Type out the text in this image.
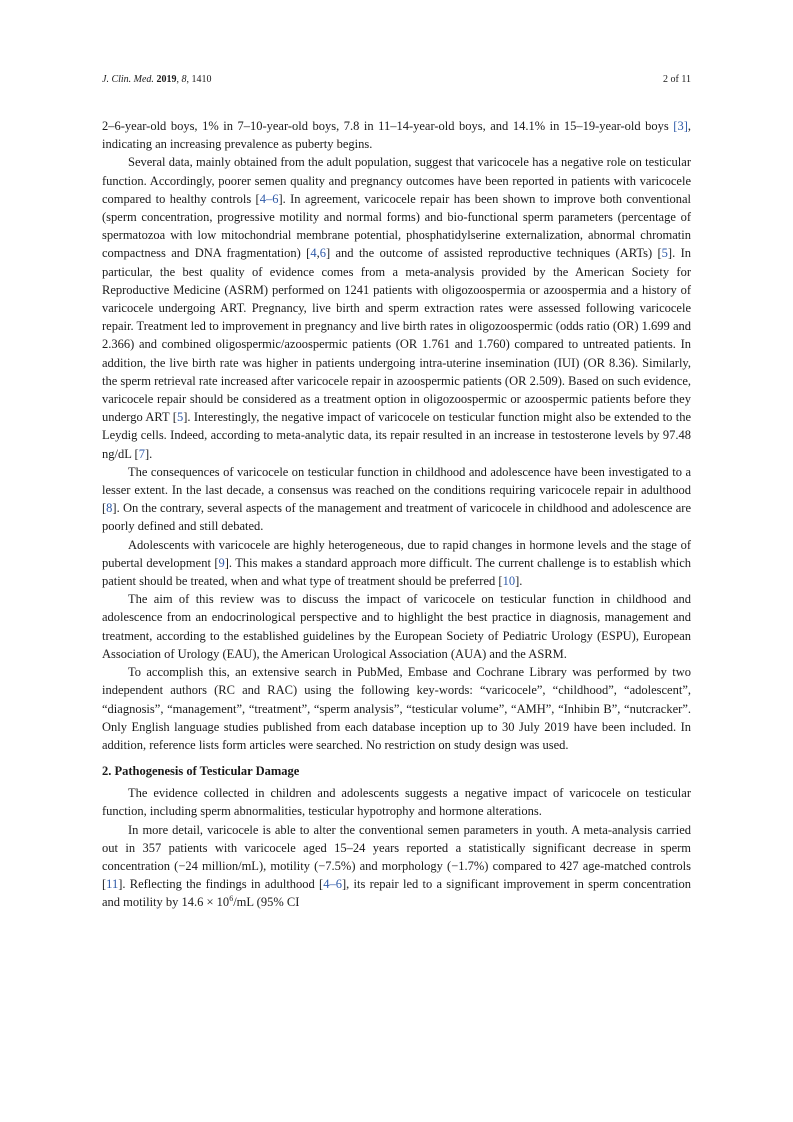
J. Clin. Med. 2019, 8, 1410	2 of 11

2–6-year-old boys, 1% in 7–10-year-old boys, 7.8 in 11–14-year-old boys, and 14.1% in 15–19-year-old boys [3], indicating an increasing prevalence as puberty begins.

Several data, mainly obtained from the adult population, suggest that varicocele has a negative role on testicular function. Accordingly, poorer semen quality and pregnancy outcomes have been reported in patients with varicocele compared to healthy controls [4–6]. In agreement, varicocele repair has been shown to improve both conventional (sperm concentration, progressive motility and normal forms) and bio-functional sperm parameters (percentage of spermatozoa with low mitochondrial membrane potential, phosphatidylserine externalization, abnormal chromatin compactness and DNA fragmentation) [4,6] and the outcome of assisted reproductive techniques (ARTs) [5]. In particular, the best quality of evidence comes from a meta-analysis provided by the American Society for Reproductive Medicine (ASRM) performed on 1241 patients with oligozoospermia or azoospermia and a history of varicocele undergoing ART. Pregnancy, live birth and sperm extraction rates were assessed following varicocele repair. Treatment led to improvement in pregnancy and live birth rates in oligozoospermic (odds ratio (OR) 1.699 and 2.366) and combined oligospermic/azoospermic patients (OR 1.761 and 1.760) compared to untreated patients. In addition, the live birth rate was higher in patients undergoing intra-uterine insemination (IUI) (OR 8.36). Similarly, the sperm retrieval rate increased after varicocele repair in azoospermic patients (OR 2.509). Based on such evidence, varicocele repair should be considered as a treatment option in oligozoospermic or azoospermic patients before they undergo ART [5]. Interestingly, the negative impact of varicocele on testicular function might also be extended to the Leydig cells. Indeed, according to meta-analytic data, its repair resulted in an increase in testosterone levels by 97.48 ng/dL [7].

The consequences of varicocele on testicular function in childhood and adolescence have been investigated to a lesser extent. In the last decade, a consensus was reached on the conditions requiring varicocele repair in adulthood [8]. On the contrary, several aspects of the management and treatment of varicocele in childhood and adolescence are poorly defined and still debated.

Adolescents with varicocele are highly heterogeneous, due to rapid changes in hormone levels and the stage of pubertal development [9]. This makes a standard approach more difficult. The current challenge is to establish which patient should be treated, when and what type of treatment should be preferred [10].

The aim of this review was to discuss the impact of varicocele on testicular function in childhood and adolescence from an endocrinological perspective and to highlight the best practice in diagnosis, management and treatment, according to the established guidelines by the European Society of Pediatric Urology (ESPU), European Association of Urology (EAU), the American Urological Association (AUA) and the ASRM.

To accomplish this, an extensive search in PubMed, Embase and Cochrane Library was performed by two independent authors (RC and RAC) using the following key-words: “varicocele”, “childhood”, “adolescent”, “diagnosis”, “management”, “treatment”, “sperm analysis”, “testicular volume”, “AMH”, “Inhibin B”, “nutcracker”. Only English language studies published from each database inception up to 30 July 2019 have been included. In addition, reference lists form articles were searched. No restriction on study design was used.

2. Pathogenesis of Testicular Damage

The evidence collected in children and adolescents suggests a negative impact of varicocele on testicular function, including sperm abnormalities, testicular hypotrophy and hormone alterations.

In more detail, varicocele is able to alter the conventional semen parameters in youth. A meta-analysis carried out in 357 patients with varicocele aged 15–24 years reported a statistically significant decrease in sperm concentration (−24 million/mL), motility (−7.5%) and morphology (−1.7%) compared to 427 age-matched controls [11]. Reflecting the findings in adulthood [4–6], its repair led to a significant improvement in sperm concentration and motility by $14.6 \times 10^6/mL$ (95% CI
